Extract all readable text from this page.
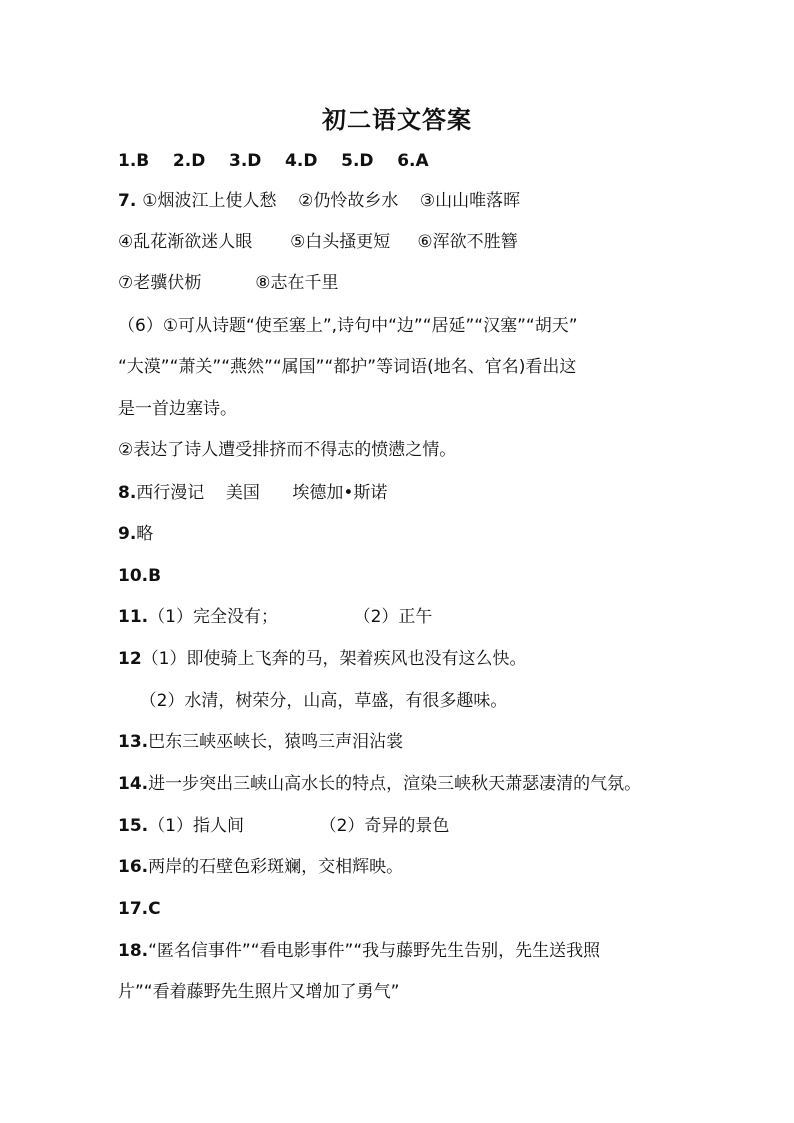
初二语文答案
1.B    2.D    3.D    4.D    5.D    6.A
7. ①烟波江上使人愁    ②仍怜故乡水    ③山山唯落晖
④乱花渐欲迷人眼       ⑤白头搔更短     ⑥浑欲不胜簪
⑦老骥伏枥          ⑧志在千里
（6）①可从诗题“使至塞上”,诗句中“边”“居延”“汉塞”“胡天”
“大漠”“萧关”“燕然”“属国”“都护”等词语(地名、官名)看出这
是一首边塞诗。
②表达了诗人遭受排挤而不得志的愤懑之情。
8.西行漫记    美国      埃德加•斯诺
9.略
10.B
11.（1）完全没有；              （2）正午
12（1）即使骑上飞奔的马，架着疾风也没有这么快。
（2）水清，树荣分，山高，草盛，有很多趣味。
13.巴东三峡巫峡长，猿鸣三声泪沾裳
14.进一步突出三峡山高水长的特点，渲染三峡秋天萧瑟凄清的气氛。
15.（1）指人间              （2）奇异的景色
16.两岸的石壁色彩斑斓，交相辉映。
17.C
18.“匿名信事件”“看电影事件”“我与藤野先生告别，先生送我照
片”“看着藤野先生照片又增加了勇气”
